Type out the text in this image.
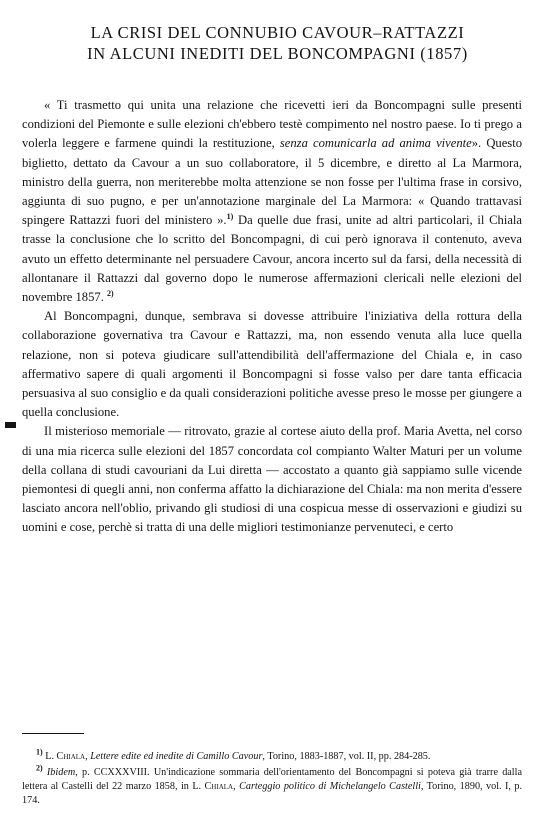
LA CRISI DEL CONNUBIO CAVOUR–RATTAZZI
IN ALCUNI INEDITI DEL BONCOMPAGNI (1857)

« Ti trasmetto qui unita una relazione che ricevetti ieri da Boncompagni sulle presenti condizioni del Piemonte e sulle elezioni ch'ebbero testè compimento nel nostro paese. Io ti prego a volerla leggere e farmene quindi la restituzione, senza comunicarla ad anima vivente». Questo biglietto, dettato da Cavour a un suo collaboratore, il 5 dicembre, e diretto al La Marmora, ministro della guerra, non meriterebbe molta attenzione se non fosse per l'ultima frase in corsivo, aggiunta di suo pugno, e per un'annotazione marginale del La Marmora: « Quando trattavasi spingere Rattazzi fuori del ministero ».$^{1)}$ Da quelle due frasi, unite ad altri particolari, il Chiala trasse la conclusione che lo scritto del Boncompagni, di cui però ignorava il contenuto, aveva avuto un effetto determinante nel persuadere Cavour, ancora incerto sul da farsi, della necessità di allontanare il Rattazzi dal governo dopo le numerose affermazioni clericali nelle elezioni del novembre 1857. $^{2)}$

Al Boncompagni, dunque, sembrava si dovesse attribuire l'iniziativa della rottura della collaborazione governativa tra Cavour e Rattazzi, ma, non essendo venuta alla luce quella relazione, non si poteva giudicare sull'attendibilità dell'affermazione del Chiala e, in caso affermativo sapere di quali argomenti il Boncompagni si fosse valso per dare tanta efficacia persuasiva al suo consiglio e da quali considerazioni politiche avesse preso le mosse per giungere a quella conclusione.

Il misterioso memoriale — ritrovato, grazie al cortese aiuto della prof. Maria Avetta, nel corso di una mia ricerca sulle elezioni del 1857 concordata col compianto Walter Maturi per un volume della collana di studi cavouriani da Lui diretta — accostato a quanto già sappiamo sulle vicende piemontesi di quegli anni, non conferma affatto la dichiarazione del Chiala: ma non merita d'essere lasciato ancora nell'oblio, privando gli studiosi di una cospicua messe di osservazioni e giudizi su uomini e cose, perchè si tratta di una delle migliori testimonianze pervenuteci, e certo

$^{1)}$ L. Chiala, Lettere edite ed inedite di Camillo Cavour, Torino, 1883-1887, vol. II, pp. 284-285.

$^{2)}$ Ibidem, p. CCXXXVIII. Un'indicazione sommaria dell'orientamento del Boncompagni si poteva già trarre dalla lettera al Castelli del 22 marzo 1858, in L. Chiala, Carteggio politico di Michelangelo Castelli, Torino, 1890, vol. I, p. 174.
